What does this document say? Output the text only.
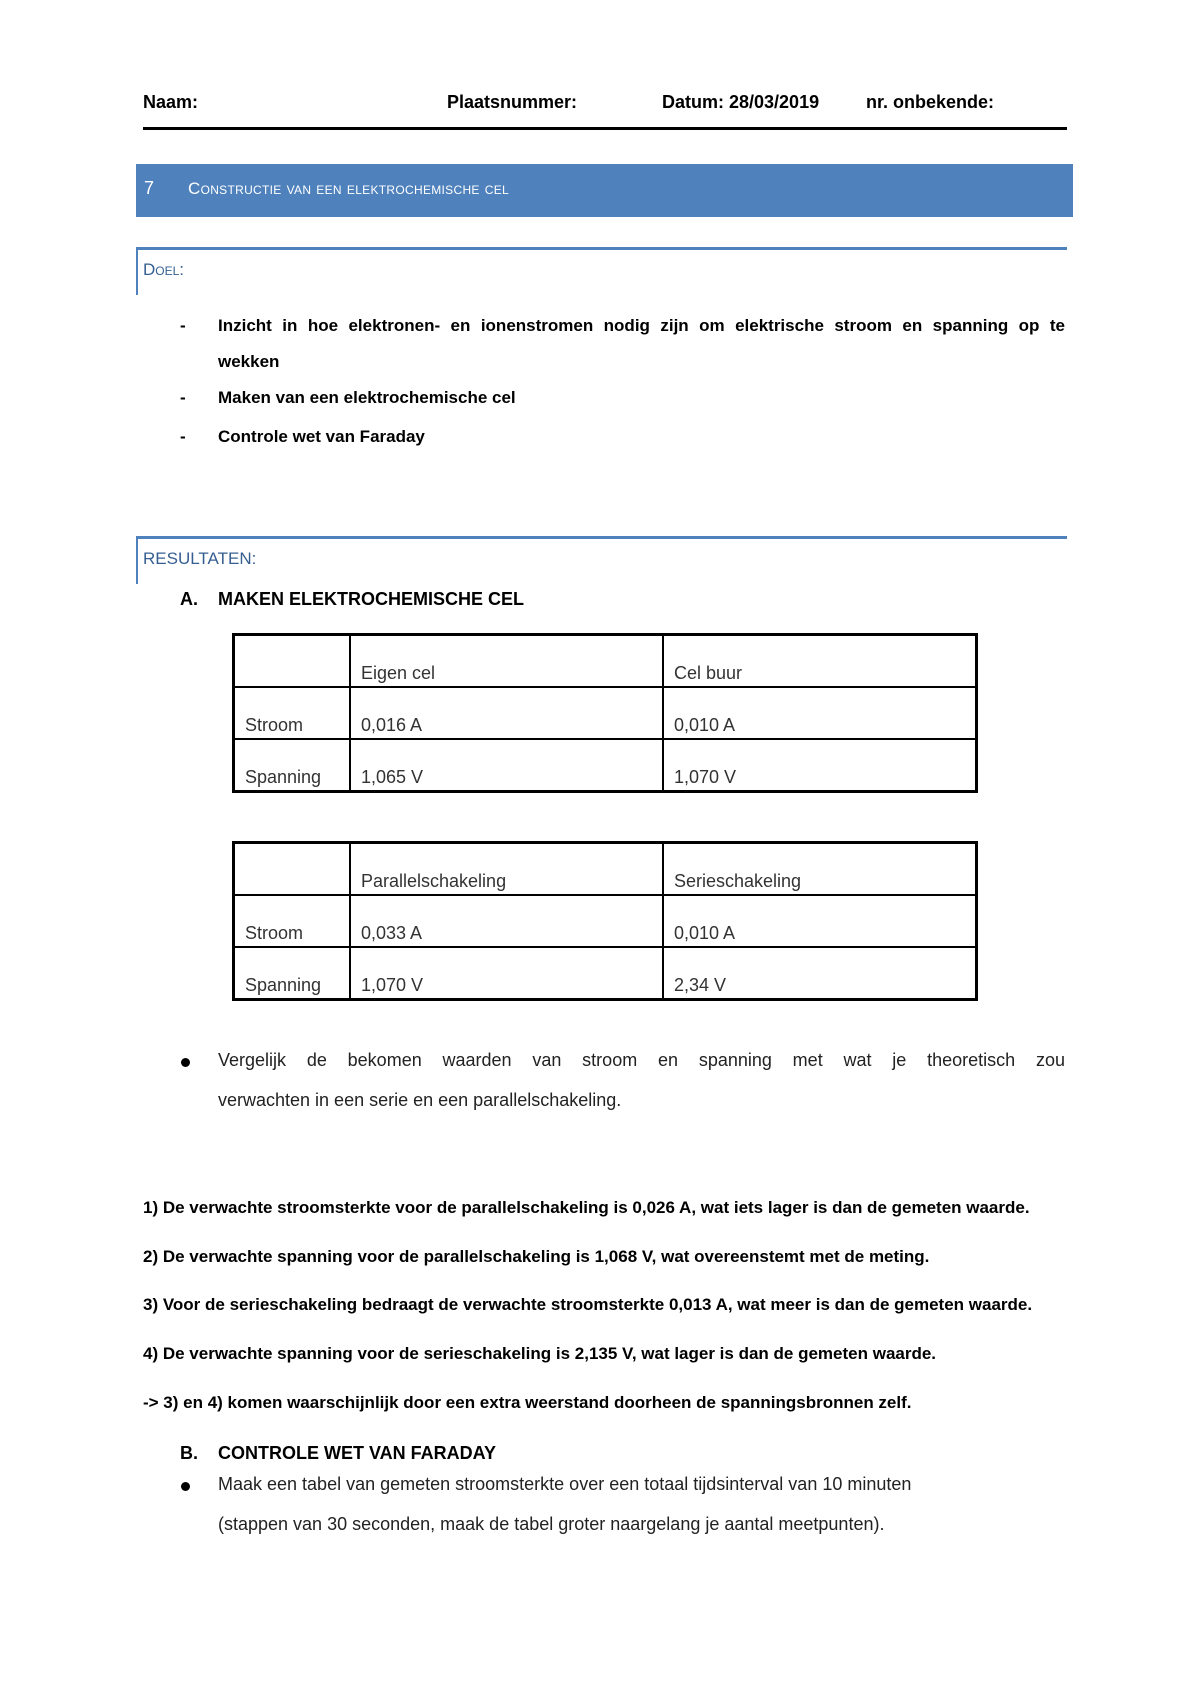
Naam:	Plaatsnummer:	Datum: 28/03/2019	nr. onbekende:
7 Constructie van een elektrochemische cel
Doel:
- Inzicht in hoe elektronen- en ionenstromen nodig zijn om elektrische stroom en spanning op te
wekken
- Maken van een elektrochemische cel
- Controle wet van Faraday
RESULTATEN:
A. MAKEN ELEKTROCHEMISCHE CEL
	Eigen cel	Cel buur
Stroom	0,016 A	0,010 A
Spanning	1,065 V	1,070 V
	Parallelschakeling	Serieschakeling
Stroom	0,033 A	0,010 A
Spanning	1,070 V	2,34 V
Vergelijk de bekomen waarden van stroom en spanning met wat je theoretisch zou
verwachten in een serie en een parallelschakeling.
1) De verwachte stroomsterkte voor de parallelschakeling is 0,026 A, wat iets lager is dan de gemeten waarde.
2) De verwachte spanning voor de parallelschakeling is 1,068 V, wat overeenstemt met de meting.
3) Voor de serieschakeling bedraagt de verwachte stroomsterkte 0,013 A, wat meer is dan de gemeten waarde.
4) De verwachte spanning voor de serieschakeling is 2,135 V, wat lager is dan de gemeten waarde.
-> 3) en 4) komen waarschijnlijk door een extra weerstand doorheen de spanningsbronnen zelf.
B. CONTROLE WET VAN FARADAY
Maak een tabel van gemeten stroomsterkte over een totaal tijdsinterval van 10 minuten
(stappen van 30 seconden, maak de tabel groter naargelang je aantal meetpunten).
